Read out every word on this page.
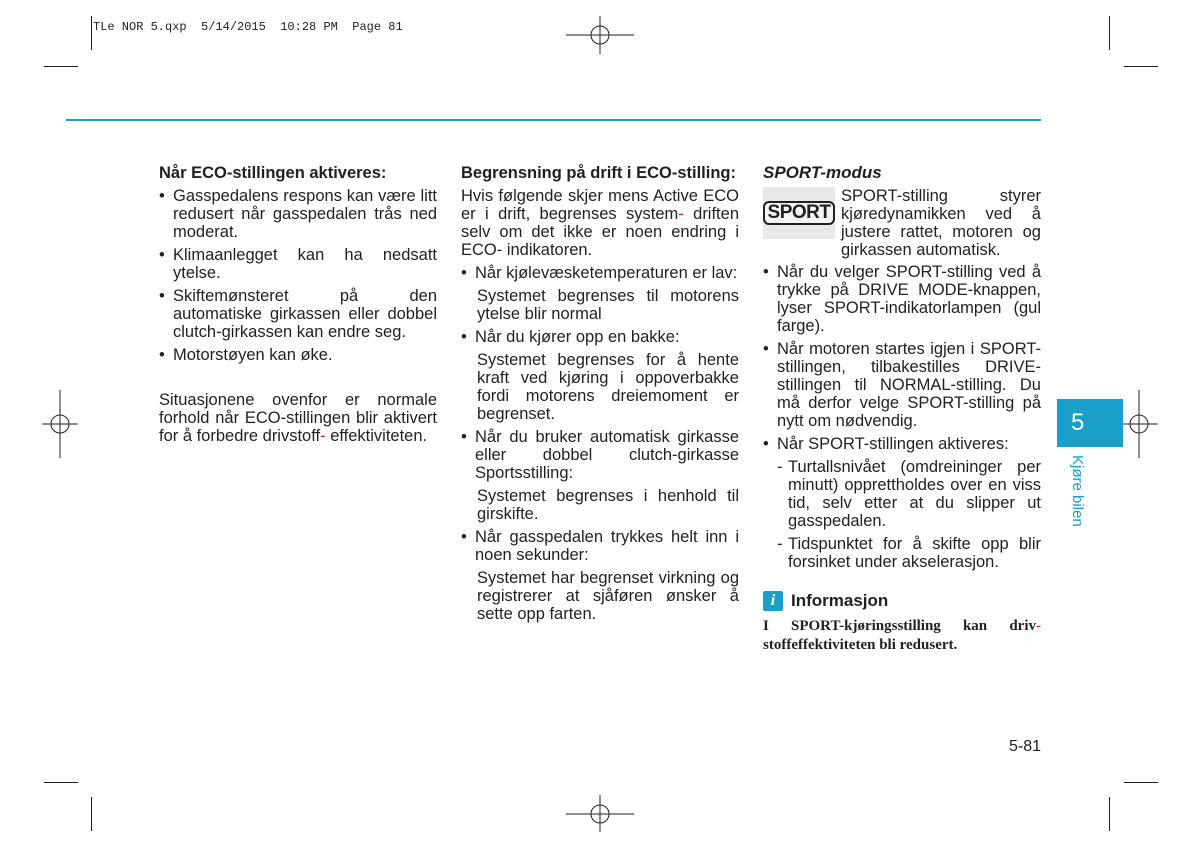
TLe NOR 5.qxp  5/14/2015  10:28 PM  Page 81

Når ECO-stillingen aktiveres:

• Gasspedalens respons kan være litt redusert når gasspedalen trås ned moderat.

• Klimaanlegget kan ha nedsatt ytelse.

• Skiftemønsteret på den automatiske girkassen eller dobbel clutch-girkassen kan endre seg.

• Motorstøyen kan øke.

Situasjonene ovenfor er normale forhold når ECO-stillingen blir aktivert for å forbedre drivstoff- effektiviteten.

Begrensning på drift i ECO-stilling:

Hvis følgende skjer mens Active ECO er i drift, begrenses system- driften selv om det ikke er noen endring i ECO- indikatoren.

• Når kjølevæsketemperaturen er lav:

Systemet begrenses til motorens ytelse blir normal

• Når du kjører opp en bakke:

Systemet begrenses for å hente kraft ved kjøring i oppoverbakke fordi motorens dreiemoment er begrenset.

• Når du bruker automatisk girkasse eller dobbel clutch-girkasse Sportsstilling:

Systemet begrenses i henhold til girskifte.

• Når gasspedalen trykkes helt inn i noen sekunder:

Systemet har begrenset virkning og registrerer at sjåføren ønsker å sette opp farten.

SPORT-modus

SPORT

SPORT-stilling styrer kjøredynamikken ved å justere rattet, motoren og girkassen automatisk.

• Når du velger SPORT-stilling ved å trykke på DRIVE MODE-knappen, lyser SPORT-indikatorlampen (gul farge).

• Når motoren startes igjen i SPORT-stillingen, tilbakestilles DRIVE-stillingen til NORMAL-stilling. Du må derfor velge SPORT-stilling på nytt om nødvendig.

• Når SPORT-stillingen aktiveres:

- Turtallsnivået (omdreininger per minutt) opprettholdes over en viss tid, selv etter at du slipper ut gasspedalen.

- Tidspunktet for å skifte opp blir forsinket under akselerasjon.

i Informasjon

I SPORT-kjøringsstilling kan driv- stoffeffektiviteten bli redusert.

5
Kjøre bilen
5-81
